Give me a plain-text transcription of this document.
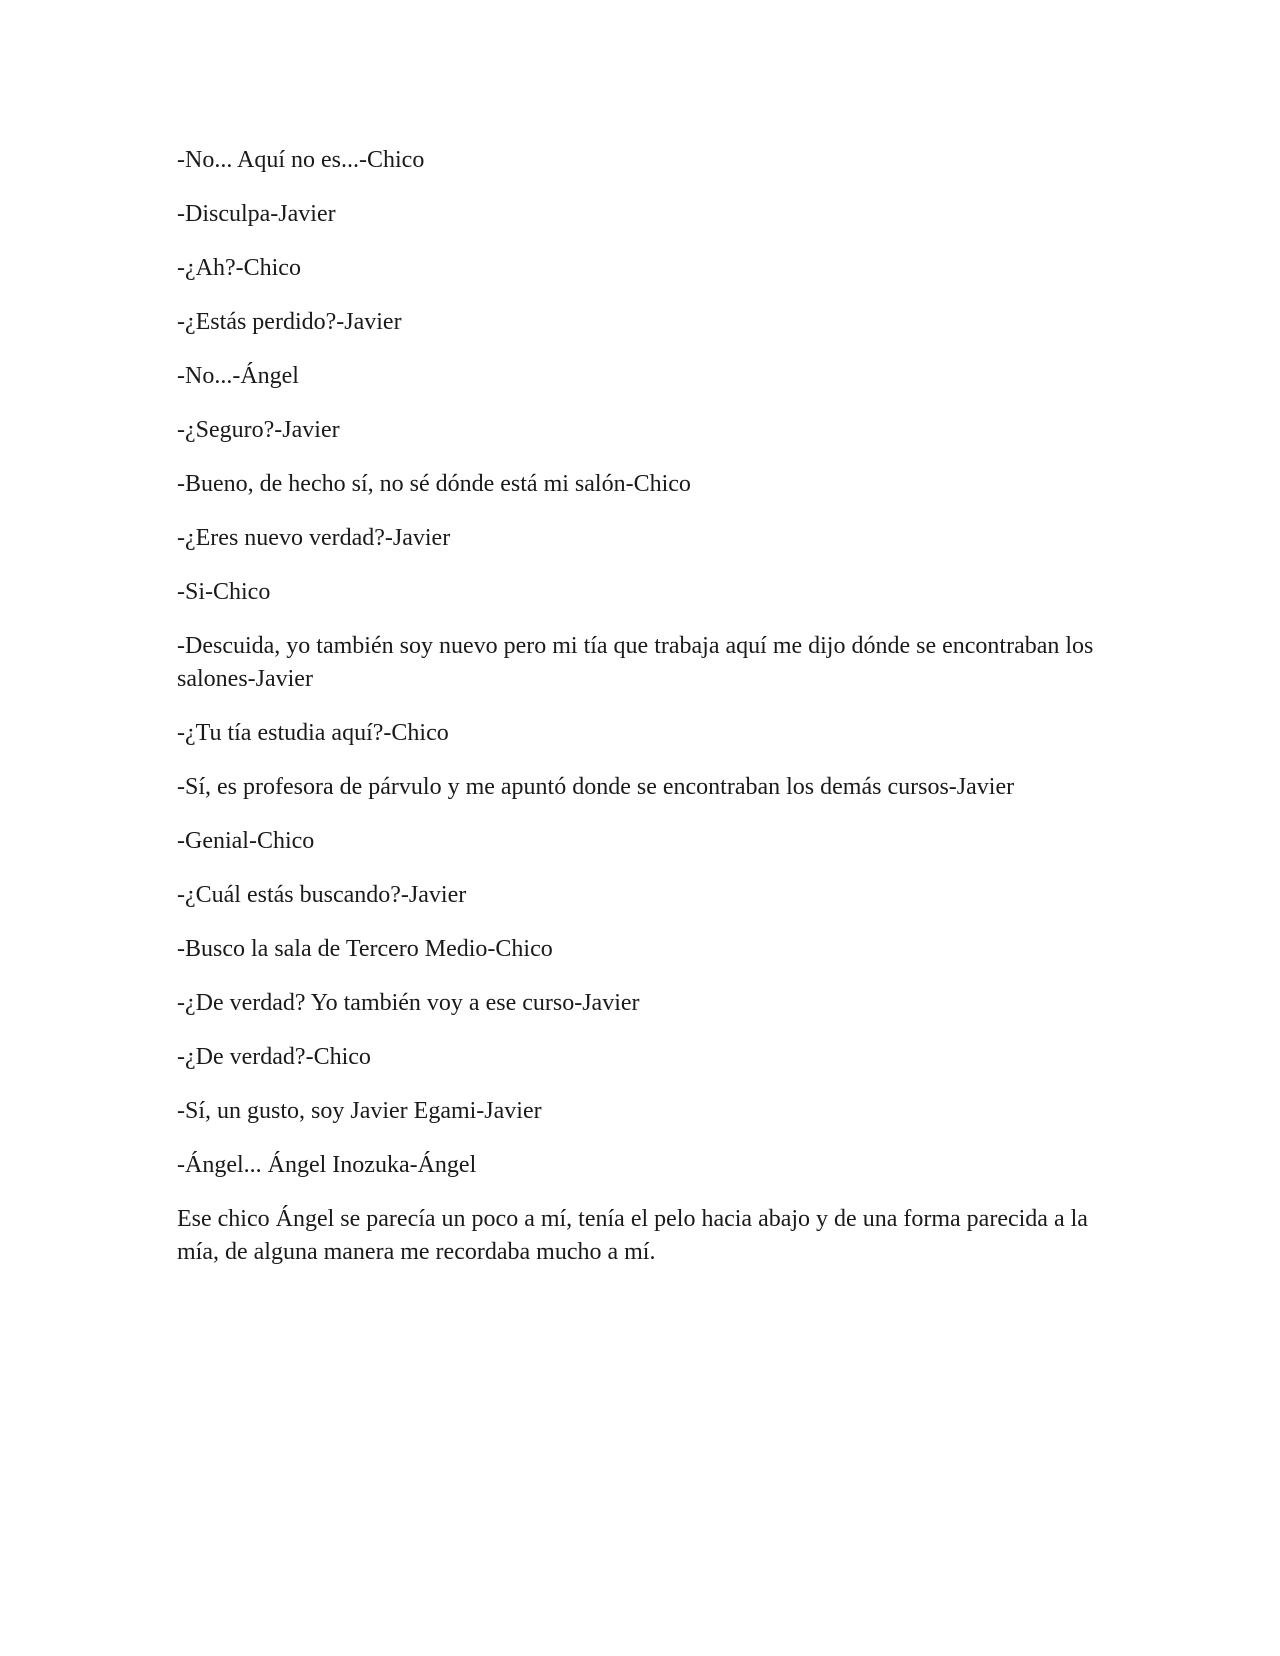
-No... Aquí no es...-Chico

-Disculpa-Javier

-¿Ah?-Chico

-¿Estás perdido?-Javier

-No...-Ángel

-¿Seguro?-Javier

-Bueno, de hecho sí, no sé dónde está mi salón-Chico

-¿Eres nuevo verdad?-Javier

-Si-Chico

-Descuida, yo también soy nuevo pero mi tía que trabaja aquí me dijo dónde se encontraban los salones-Javier

-¿Tu tía estudia aquí?-Chico

-Sí, es profesora de párvulo y me apuntó donde se encontraban los demás cursos-Javier

-Genial-Chico

-¿Cuál estás buscando?-Javier

-Busco la sala de Tercero Medio-Chico

-¿De verdad? Yo también voy a ese curso-Javier

-¿De verdad?-Chico

-Sí, un gusto, soy Javier Egami-Javier

-Ángel... Ángel Inozuka-Ángel

Ese chico Ángel se parecía un poco a mí, tenía el pelo hacia abajo y de una forma parecida a la mía, de alguna manera me recordaba mucho a mí.
